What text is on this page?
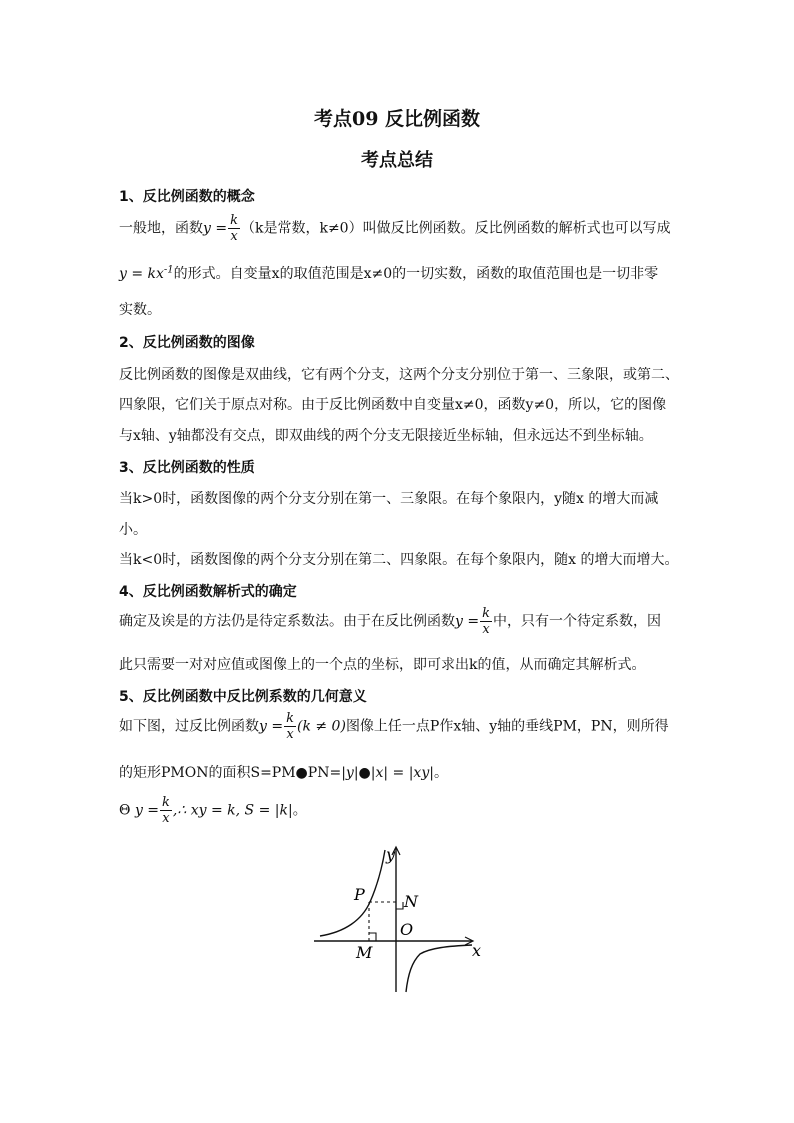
考点09 反比例函数
考点总结
1、反比例函数的概念
一般地，函数$y = \frac{k}{x} (k$是常数，k≠0）叫做反比例函数。反比例函数的解析式也可以写成
$y = kx^{-1}$的形式。自变量x的取值范围是x≠0的一切实数，函数的取值范围也是一切非零
实数。
2、反比例函数的图像
反比例函数的图像是双曲线，它有两个分支，这两个分支分别位于第一、三象限，或第二、
四象限，它们关于原点对称。由于反比例函数中自变量x≠0，函数y≠0，所以，它的图像
与x轴、y轴都没有交点，即双曲线的两个分支无限接近坐标轴，但永远达不到坐标轴。
3、反比例函数的性质
当k>0时，函数图像的两个分支分别在第一、三象限。在每个象限内，y随x 的增大而减
小。
当k<0时，函数图像的两个分支分别在第二、四象限。在每个象限内，随x 的增大而增大。
4、反比例函数解析式的确定
确定及诶是的方法仍是待定系数法。由于在反比例函数$y = \frac{k}{x}$ 中，只有一个待定系数，因
此只需要一对对应值或图像上的一个点的坐标，即可求出k的值，从而确定其解析式。
5、反比例函数中反比例系数的几何意义
如下图，过反比例函数$y = \frac{k}{x} (k \ne 0)$图像上任一点P作x轴、y轴的垂线PM，PN，则所得
的矩形PMON的面积S=PM●PN=|y|●|x| = |xy|。
Θ $y = \frac{k}{x}$ ,∴ xy = k, S = |k|。
y
P N
O
M	x
